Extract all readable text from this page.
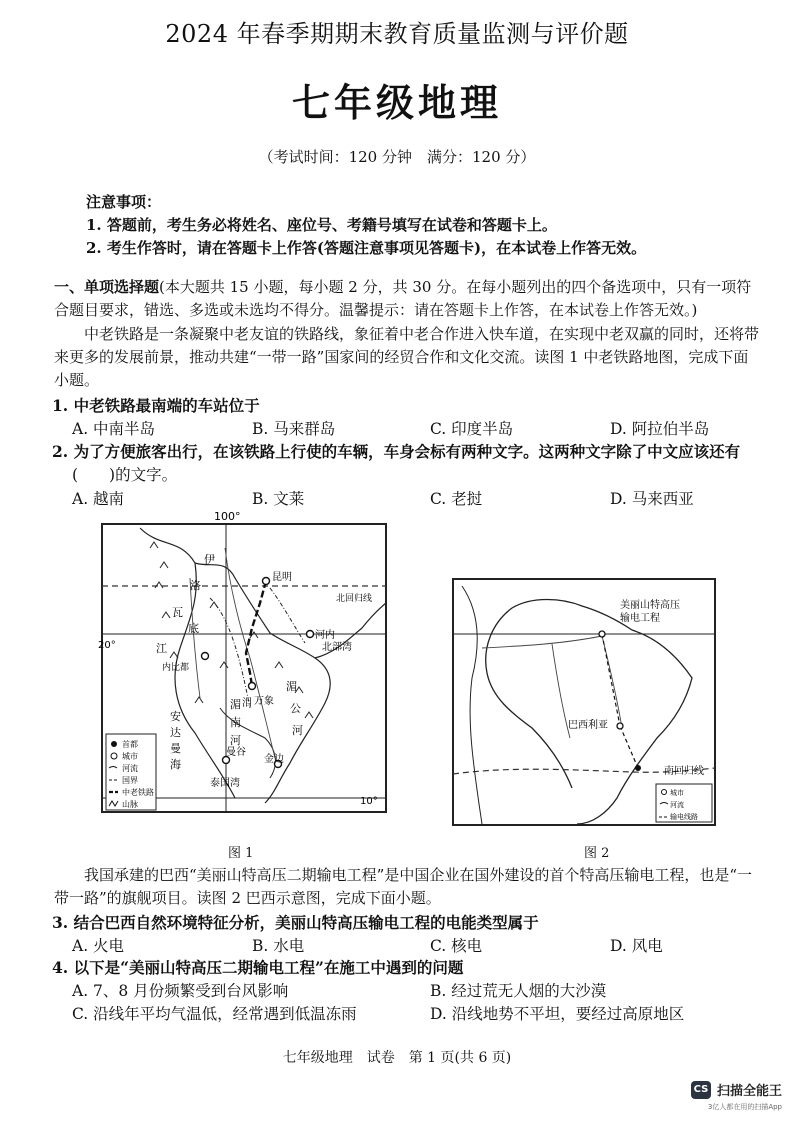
2024 年春季期期末教育质量监测与评价题
七年级地理
（考试时间：120 分钟　满分：120 分）
注意事项：
1. 答题前，考生务必将姓名、座位号、考籍号填写在试卷和答题卡上。
2. 考生作答时，请在答题卡上作答(答题注意事项见答题卡)，在本试卷上作答无效。
一、单项选择题(本大题共 15 小题，每小题 2 分，共 30 分。在每小题列出的四个备选项中，只有一项符合题目要求，错选、多选或未选均不得分。温馨提示：请在答题卡上作答，在本试卷上作答无效。)
中老铁路是一条凝聚中老友谊的铁路线，象征着中老合作进入快车道，在实现中老双赢的同时，还将带来更多的发展前景，推动共建“一带一路”国家间的经贸合作和文化交流。读图 1 中老铁路地图，完成下面小题。
1. 中老铁路最南端的车站位于
A. 中南半岛	B. 马来群岛	C. 印度半岛	D. 阿拉伯半岛
2. 为了方便旅客出行，在该铁路上行使的车辆，车身会标有两种文字。这两种文字除了中文应该还有
(　　)的文字。
A. 越南	B. 文莱	C. 老挝	D. 马来西亚
100°
北回归线
20°
10°
昆明
河内
北部湾
泪 万象
内比都
曼谷
金边
泰国湾
伊
洛
瓦
底
江
湄
公
河
湄
南
河
安
达
曼
海
首都
城市
河流
国界
中老铁路
山脉
图 1
南回归线
美丽山特高压
输电工程
巴西利亚
城市
河流
输电线路
图 2
我国承建的巴西“美丽山特高压二期输电工程”是中国企业在国外建设的首个特高压输电工程，也是“一带一路”的旗舰项目。读图 2 巴西示意图，完成下面小题。
3. 结合巴西自然环境特征分析，美丽山特高压输电工程的电能类型属于
A. 火电	B. 水电	C. 核电	D. 风电
4. 以下是“美丽山特高压二期输电工程”在施工中遇到的问题
A. 7、8 月份频繁受到台风影响	B. 经过荒无人烟的大沙漠
C. 沿线年平均气温低，经常遇到低温冻雨	D. 沿线地势不平坦，要经过高原地区
七年级地理　试卷　第 1 页(共 6 页)
CS 扫描全能王
3亿人都在用的扫描App
